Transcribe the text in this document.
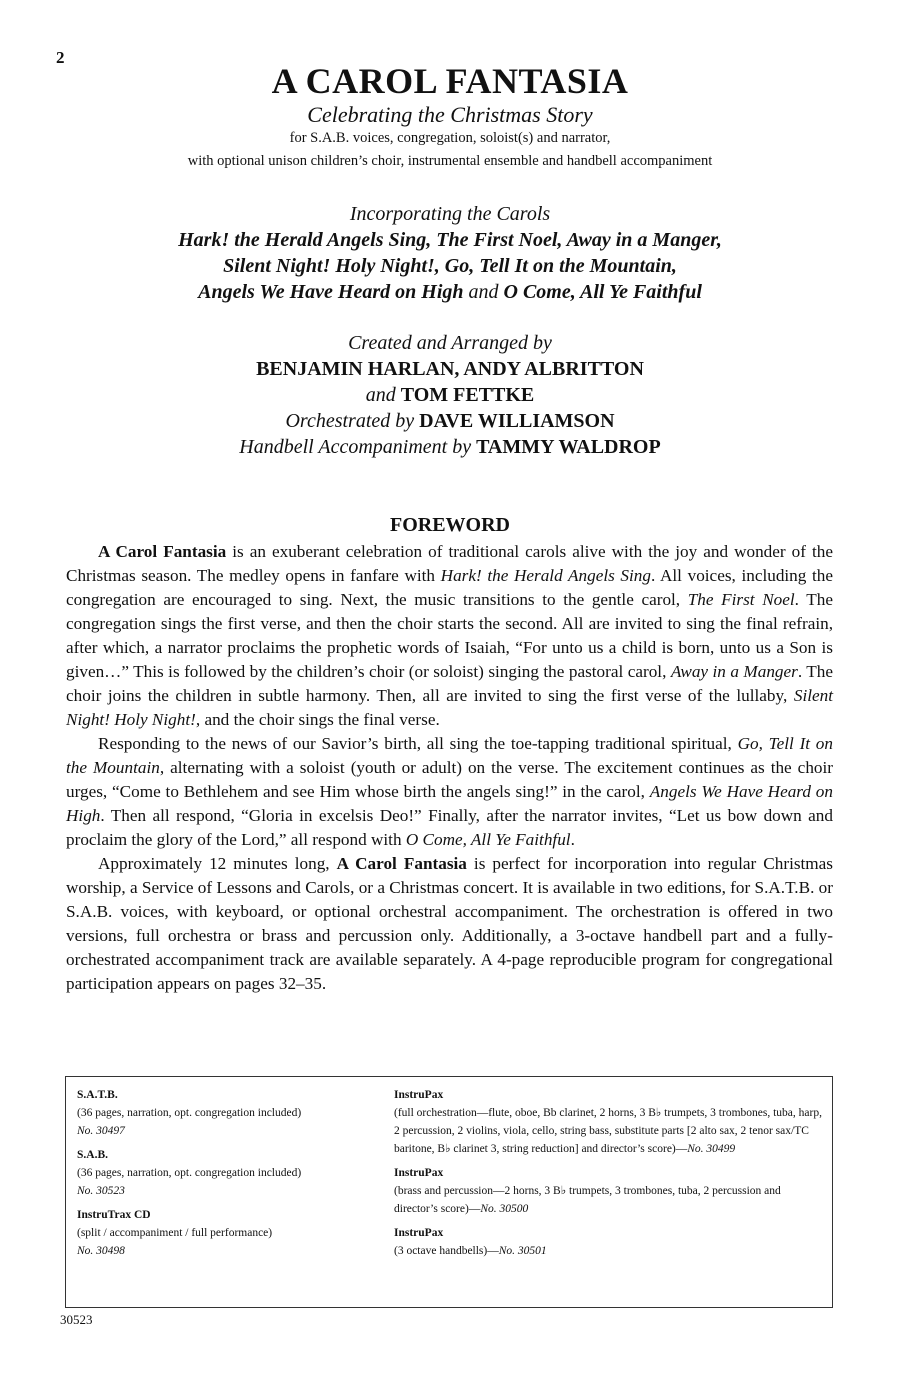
2
A CAROL FANTASIA
Celebrating the Christmas Story
for S.A.B. voices, congregation, soloist(s) and narrator,
with optional unison children’s choir, instrumental ensemble and handbell accompaniment
Incorporating the Carols
Hark! the Herald Angels Sing, The First Noel, Away in a Manger,
Silent Night! Holy Night!, Go, Tell It on the Mountain,
Angels We Have Heard on High and O Come, All Ye Faithful
Created and Arranged by
BENJAMIN HARLAN, ANDY ALBRITTON
and TOM FETTKE
Orchestrated by DAVE WILLIAMSON
Handbell Accompaniment by TAMMY WALDROP
FOREWORD

A Carol Fantasia is an exuberant celebration of traditional carols alive with the joy and wonder of the Christmas season. The medley opens in fanfare with Hark! the Herald Angels Sing. All voices, including the congregation are encouraged to sing. Next, the music transitions to the gentle carol, The First Noel. The congregation sings the first verse, and then the choir starts the second. All are invited to sing the final refrain, after which, a narrator proclaims the prophetic words of Isaiah, “For unto us a child is born, unto us a Son is given…” This is followed by the children’s choir (or soloist) singing the pastoral carol, Away in a Manger. The choir joins the children in subtle harmony. Then, all are invited to sing the first verse of the lullaby, Silent Night! Holy Night!, and the choir sings the final verse.

Responding to the news of our Savior’s birth, all sing the toe-tapping traditional spiritual, Go, Tell It on the Mountain, alternating with a soloist (youth or adult) on the verse. The excitement continues as the choir urges, “Come to Bethlehem and see Him whose birth the angels sing!” in the carol, Angels We Have Heard on High. Then all respond, “Gloria in excelsis Deo!” Finally, after the narrator invites, “Let us bow down and proclaim the glory of the Lord,” all respond with O Come, All Ye Faithful.

Approximately 12 minutes long, A Carol Fantasia is perfect for incorporation into regular Christmas worship, a Service of Lessons and Carols, or a Christmas concert. It is available in two editions, for S.A.T.B. or S.A.B. voices, with keyboard, or optional orchestral accompaniment. The orchestration is offered in two versions, full orchestra or brass and percussion only. Additionally, a 3-octave handbell part and a fully-orchestrated accompaniment track are available separately. A 4-page reproducible program for congregational participation appears on pages 32–35.

S.A.T.B.
(36 pages, narration, opt. congregation included)
No. 30497
S.A.B.
(36 pages, narration, opt. congregation included)
No. 30523
InstruTrax CD
(split / accompaniment / full performance)
No. 30498
InstruPax
(full orchestration—flute, oboe, Bb clarinet, 2 horns, 3 B♭ trumpets, 3 trombones, tuba, harp, 2 percussion, 2 violins, viola, cello, string bass, substitute parts [2 alto sax, 2 tenor sax/TC baritone, B♭ clarinet 3, string reduction] and director’s score)—No. 30499
InstruPax
(brass and percussion—2 horns, 3 B♭ trumpets, 3 trombones, tuba, 2 percussion and director’s score)—No. 30500
InstruPax
(3 octave handbells)—No. 30501
30523
